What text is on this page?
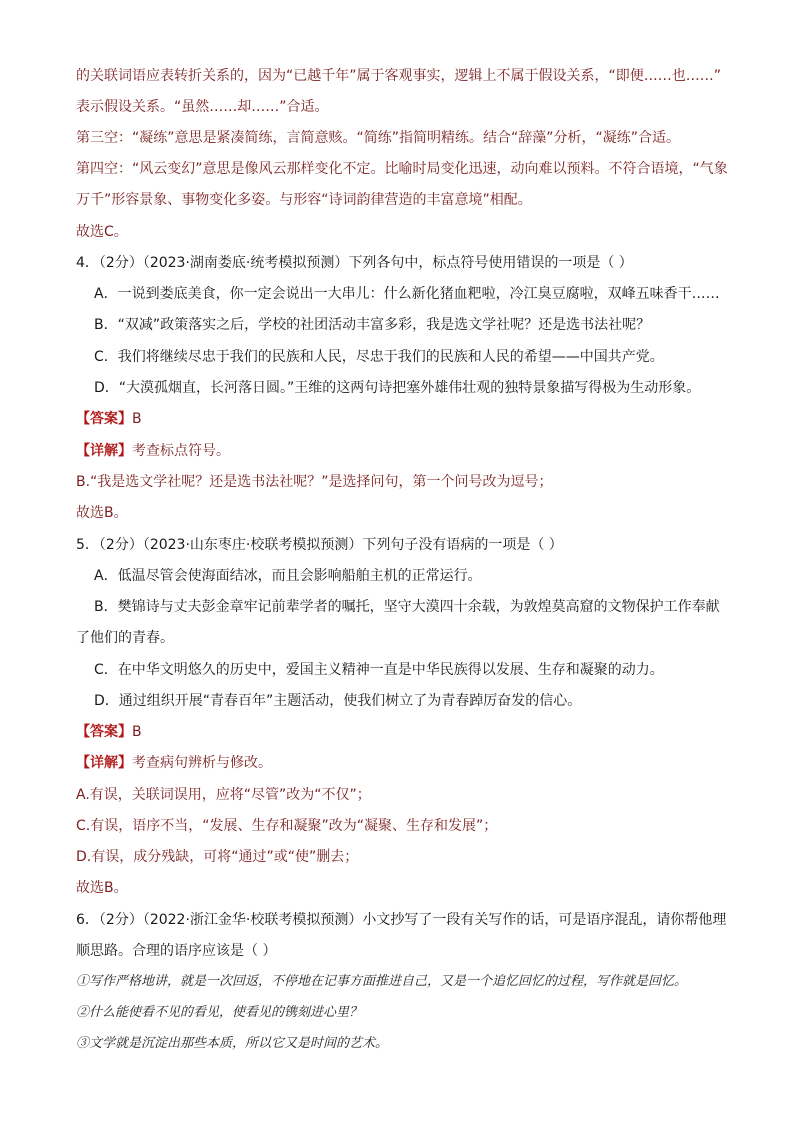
的关联词语应表转折关系的，因为“已越千年”属于客观事实，逻辑上不属于假设关系，“即便……也……”
表示假设关系。“虽然……却……”合适。
第三空：“凝练”意思是紧凑简练，言简意赅。“简练”指简明精练。结合“辞藻”分析，“凝练”合适。
第四空：“风云变幻”意思是像风云那样变化不定。比喻时局变化迅速，动向难以预料。不符合语境，“气象
万千”形容景象、事物变化多姿。与形容“诗词韵律营造的丰富意境”相配。
故选C。
4．（2分）（2023·湖南娄底·统考模拟预测）下列各句中，标点符号使用错误的一项是（ ）
A．一说到娄底美食，你一定会说出一大串儿：什么新化猪血粑啦，冷江臭豆腐啦，双峰五味香干……
B．“双减”政策落实之后，学校的社团活动丰富多彩，我是选文学社呢？还是选书法社呢？
C．我们将继续尽忠于我们的民族和人民，尽忠于我们的民族和人民的希望——中国共产党。
D．“大漠孤烟直，长河落日圆。”王维的这两句诗把塞外雄伟壮观的独特景象描写得极为生动形象。
【答案】B
【详解】考查标点符号。
B.“我是选文学社呢？还是选书法社呢？”是选择问句，第一个问号改为逗号；
故选B。
5．（2分）（2023·山东枣庄·校联考模拟预测）下列句子没有语病的一项是（ ）
A．低温尽管会使海面结冰，而且会影响船舶主机的正常运行。
B．樊锦诗与丈夫彭金章牢记前辈学者的嘱托，坚守大漠四十余载，为敦煌莫高窟的文物保护工作奉献
了他们的青春。
C．在中华文明悠久的历史中，爱国主义精神一直是中华民族得以发展、生存和凝聚的动力。
D．通过组织开展“青春百年”主题活动，使我们树立了为青春踔厉奋发的信心。
【答案】B
【详解】考查病句辨析与修改。
A.有误，关联词误用，应将“尽管”改为“不仅”；
C.有误，语序不当，“发展、生存和凝聚”改为“凝聚、生存和发展”；
D.有误，成分残缺，可将“通过”或“使”删去；
故选B。
6．（2分）（2022·浙江金华·校联考模拟预测）小文抄写了一段有关写作的话，可是语序混乱，请你帮他理
顺思路。合理的语序应该是（ ）
①写作严格地讲，就是一次回返，不停地在记事方面推进自己，又是一个追忆回忆的过程，写作就是回忆。
②什么能使看不见的看见，使看见的镌刻进心里？
③文学就是沉淀出那些本质，所以它又是时间的艺术。
